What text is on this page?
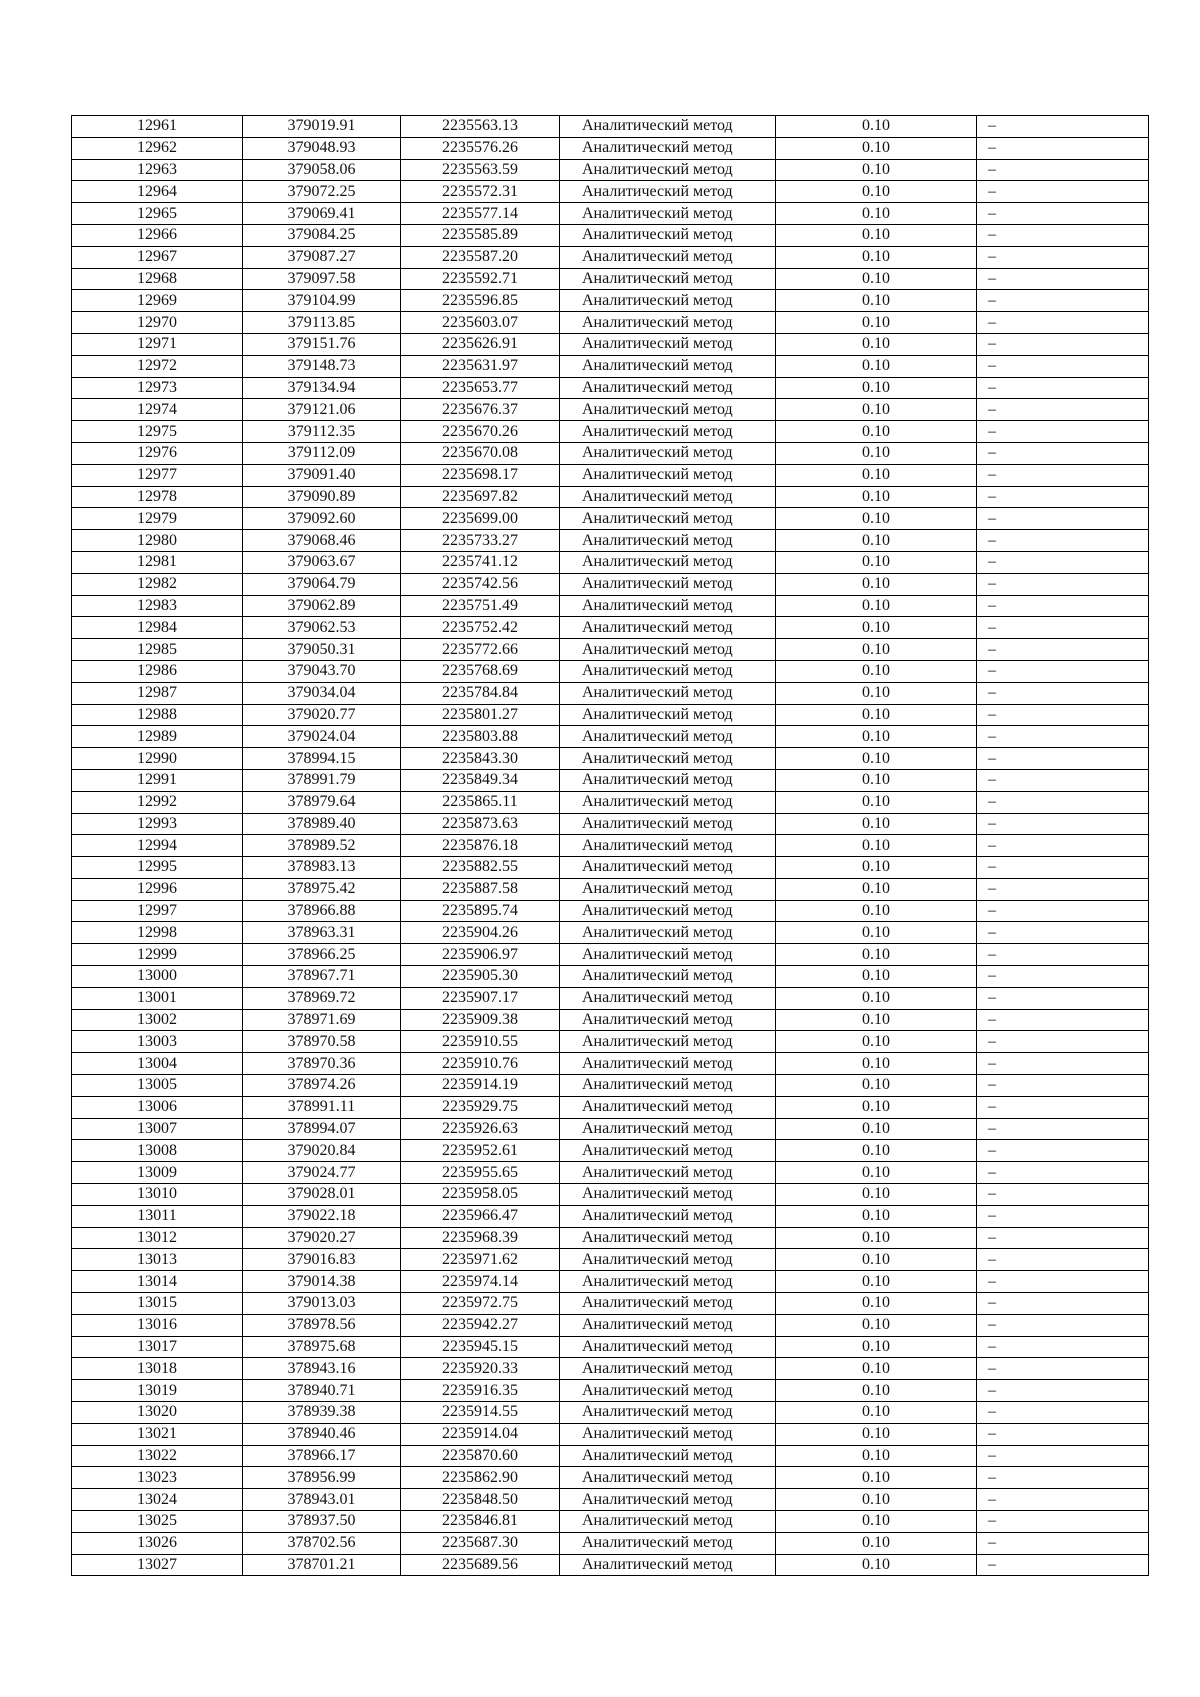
12961	379019.91	2235563.13	Аналитический метод	0.10	–
12962	379048.93	2235576.26	Аналитический метод	0.10	–
12963	379058.06	2235563.59	Аналитический метод	0.10	–
12964	379072.25	2235572.31	Аналитический метод	0.10	–
12965	379069.41	2235577.14	Аналитический метод	0.10	–
12966	379084.25	2235585.89	Аналитический метод	0.10	–
12967	379087.27	2235587.20	Аналитический метод	0.10	–
12968	379097.58	2235592.71	Аналитический метод	0.10	–
12969	379104.99	2235596.85	Аналитический метод	0.10	–
12970	379113.85	2235603.07	Аналитический метод	0.10	–
12971	379151.76	2235626.91	Аналитический метод	0.10	–
12972	379148.73	2235631.97	Аналитический метод	0.10	–
12973	379134.94	2235653.77	Аналитический метод	0.10	–
12974	379121.06	2235676.37	Аналитический метод	0.10	–
12975	379112.35	2235670.26	Аналитический метод	0.10	–
12976	379112.09	2235670.08	Аналитический метод	0.10	–
12977	379091.40	2235698.17	Аналитический метод	0.10	–
12978	379090.89	2235697.82	Аналитический метод	0.10	–
12979	379092.60	2235699.00	Аналитический метод	0.10	–
12980	379068.46	2235733.27	Аналитический метод	0.10	–
12981	379063.67	2235741.12	Аналитический метод	0.10	–
12982	379064.79	2235742.56	Аналитический метод	0.10	–
12983	379062.89	2235751.49	Аналитический метод	0.10	–
12984	379062.53	2235752.42	Аналитический метод	0.10	–
12985	379050.31	2235772.66	Аналитический метод	0.10	–
12986	379043.70	2235768.69	Аналитический метод	0.10	–
12987	379034.04	2235784.84	Аналитический метод	0.10	–
12988	379020.77	2235801.27	Аналитический метод	0.10	–
12989	379024.04	2235803.88	Аналитический метод	0.10	–
12990	378994.15	2235843.30	Аналитический метод	0.10	–
12991	378991.79	2235849.34	Аналитический метод	0.10	–
12992	378979.64	2235865.11	Аналитический метод	0.10	–
12993	378989.40	2235873.63	Аналитический метод	0.10	–
12994	378989.52	2235876.18	Аналитический метод	0.10	–
12995	378983.13	2235882.55	Аналитический метод	0.10	–
12996	378975.42	2235887.58	Аналитический метод	0.10	–
12997	378966.88	2235895.74	Аналитический метод	0.10	–
12998	378963.31	2235904.26	Аналитический метод	0.10	–
12999	378966.25	2235906.97	Аналитический метод	0.10	–
13000	378967.71	2235905.30	Аналитический метод	0.10	–
13001	378969.72	2235907.17	Аналитический метод	0.10	–
13002	378971.69	2235909.38	Аналитический метод	0.10	–
13003	378970.58	2235910.55	Аналитический метод	0.10	–
13004	378970.36	2235910.76	Аналитический метод	0.10	–
13005	378974.26	2235914.19	Аналитический метод	0.10	–
13006	378991.11	2235929.75	Аналитический метод	0.10	–
13007	378994.07	2235926.63	Аналитический метод	0.10	–
13008	379020.84	2235952.61	Аналитический метод	0.10	–
13009	379024.77	2235955.65	Аналитический метод	0.10	–
13010	379028.01	2235958.05	Аналитический метод	0.10	–
13011	379022.18	2235966.47	Аналитический метод	0.10	–
13012	379020.27	2235968.39	Аналитический метод	0.10	–
13013	379016.83	2235971.62	Аналитический метод	0.10	–
13014	379014.38	2235974.14	Аналитический метод	0.10	–
13015	379013.03	2235972.75	Аналитический метод	0.10	–
13016	378978.56	2235942.27	Аналитический метод	0.10	–
13017	378975.68	2235945.15	Аналитический метод	0.10	–
13018	378943.16	2235920.33	Аналитический метод	0.10	–
13019	378940.71	2235916.35	Аналитический метод	0.10	–
13020	378939.38	2235914.55	Аналитический метод	0.10	–
13021	378940.46	2235914.04	Аналитический метод	0.10	–
13022	378966.17	2235870.60	Аналитический метод	0.10	–
13023	378956.99	2235862.90	Аналитический метод	0.10	–
13024	378943.01	2235848.50	Аналитический метод	0.10	–
13025	378937.50	2235846.81	Аналитический метод	0.10	–
13026	378702.56	2235687.30	Аналитический метод	0.10	–
13027	378701.21	2235689.56	Аналитический метод	0.10	–
